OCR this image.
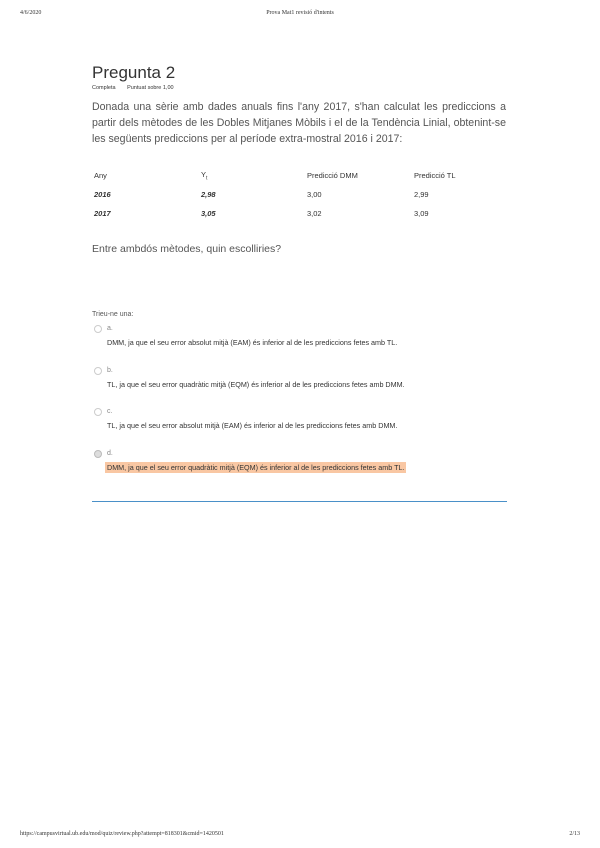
4/6/2020	Prova Mat1 revisió d'intents
Pregunta 2
Completa Puntuat sobre 1,00
Donada una sèrie amb dades anuals fins l'any 2017, s'han calculat les prediccions a partir dels mètodes de les Dobles Mitjanes Mòbils i el de la Tendència Linial, obtenint-se les següents prediccions per al període extra-mostral 2016 i 2017:
Any	$Y_t$	Predicció DMM	Predicció TL
2016	2,98	3,00	2,99
2017	3,05	3,02	3,09
Entre ambdós mètodes, quin escolliries?
Trieu-ne una:
a.
DMM, ja que el seu error absolut mitjà (EAM) és inferior al de les prediccions fetes amb TL.
b.
TL, ja que el seu error quadràtic mitjà (EQM) és inferior al de les prediccions fetes amb DMM.
c.
TL, ja que el seu error absolut mitjà (EAM) és inferior al de les prediccions fetes amb DMM.
d.
DMM, ja que el seu error quadràtic mitjà (EQM) és inferior al de les prediccions fetes amb TL.
https://campusvirtual.ub.edu/mod/quiz/review.php?attempt=818301&cmid=1420501	2/13
